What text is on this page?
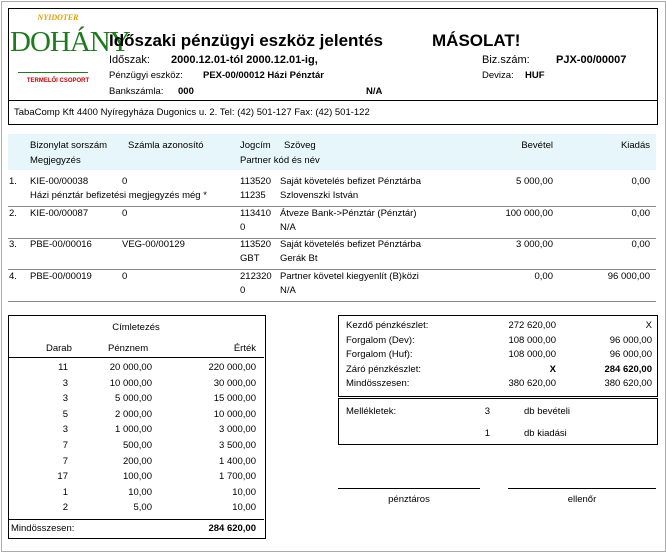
NYIDOTER
DOHÁNY
TERMELŐI CSOPORT
Időszaki pénzügyi eszköz jelentés	MÁSOLAT!
Időszak: 2000.12.01-tól 2000.12.01-ig,	Biz.szám: PJX-00/00007
Pénzügyi eszköz: PEX-00/00012 Házi Pénztár	Deviza: HUF
Bankszámla: 000	N/A
TabaComp Kft 4400 Nyíregyháza Dugonics u. 2. Tel: (42) 501-127 Fax: (42) 501-122
Bizonylat sorszám Számla azonosító	Jogcím Szöveg	Bevétel	Kiadás
Megjegyzés	Partner kód és név
1. KIE-00/00038	0	113520 Saját követelés befizet Pénztárba	5 000,00	0,00
Házi pénztár befizetési megjegyzés még *	11235 Szlovenszki István
2. KIE-00/00087	0	113410 Átveze Bank->Pénztár (Pénztár)	100 000,00	0,00
0	N/A
3. PBE-00/00016	VEG-00/00129	113520 Saját követelés befizet Pénztárba	3 000,00	0,00
GBT Gerák Bt
4. PBE-00/00019	0	212320 Partner követel kiegyenlít (B)közi	0,00	96 000,00
0	N/A
Címletezés
Darab	Pénznem	Érték
11	20 000,00	220 000,00
3	10 000,00	30 000,00
3	5 000,00	15 000,00
5	2 000,00	10 000,00
3	1 000,00	3 000,00
7	500,00	3 500,00
7	200,00	1 400,00
17	100,00	1 700,00
1	10,00	10,00
2	5,00	10,00
Mindösszesen:	284 620,00
Kezdő pénzkészlet:	272 620,00	X
Forgalom (Dev):	108 000,00	96 000,00
Forgalom (Huf):	108 000,00	96 000,00
Záró pénzkészlet:	X	284 620,00
Mindösszesen:	380 620,00	380 620,00
Mellékletek:	3	db bevételi
1	db kiadási
pénztáros	ellenőr
